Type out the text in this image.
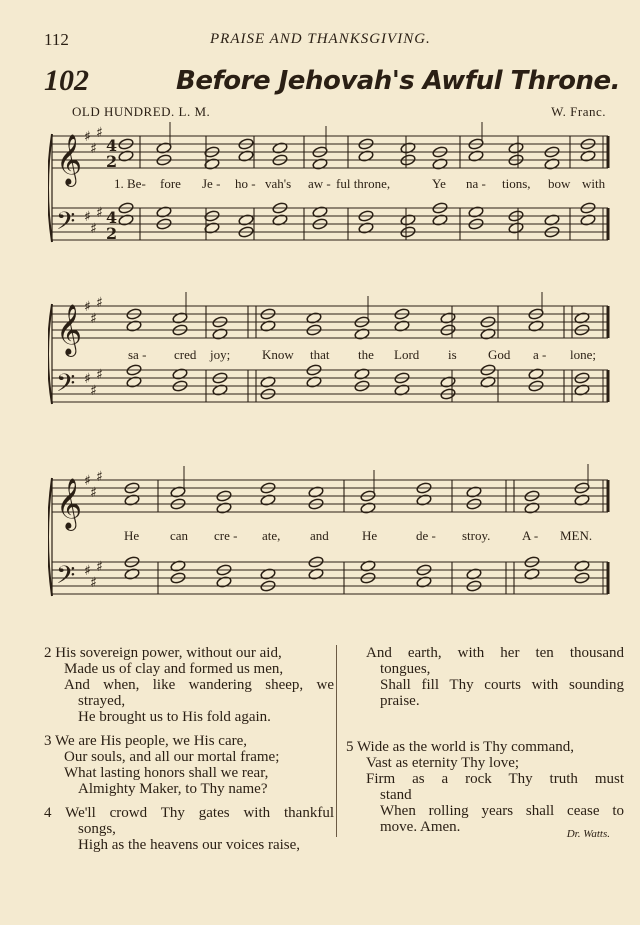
112	PRAISE AND THANKSGIVING.
102	Before Jehovah's Awful Throne.
OLD HUNDRED. L. M.	W. Franc.
𝄞
𝄢
♯
♯
♯
♯
♯
♯
4
2
4
2
1. Be- fore Je - ho - vah's aw - ful throne,	Ye na - tions, bow with
𝄞
𝄢
♯
♯
♯
♯
♯
♯
sa - cred joy; Know that the Lord is God a - lone;
𝄞
𝄢
♯
♯
♯
♯
♯
♯
He can cre - ate, and	He	de - stroy. A - MEN.
2 His sovereign power, without our aid,
Made us of clay and formed us men,
And when, like wandering sheep, we
strayed,
He brought us to His fold again.
3 We are His people, we His care,
Our souls, and all our mortal frame;
What lasting honors shall we rear,
Almighty Maker, to Thy name?
4 We'll crowd Thy gates with thankful
songs,
High as the heavens our voices raise,
And earth, with her ten thousand
tongues,
Shall fill Thy courts with sounding
praise.
5 Wide as the world is Thy command,
Vast as eternity Thy love;
Firm as a rock Thy truth must
stand
When rolling years shall cease to
move. Amen.	Dr. Watts.
